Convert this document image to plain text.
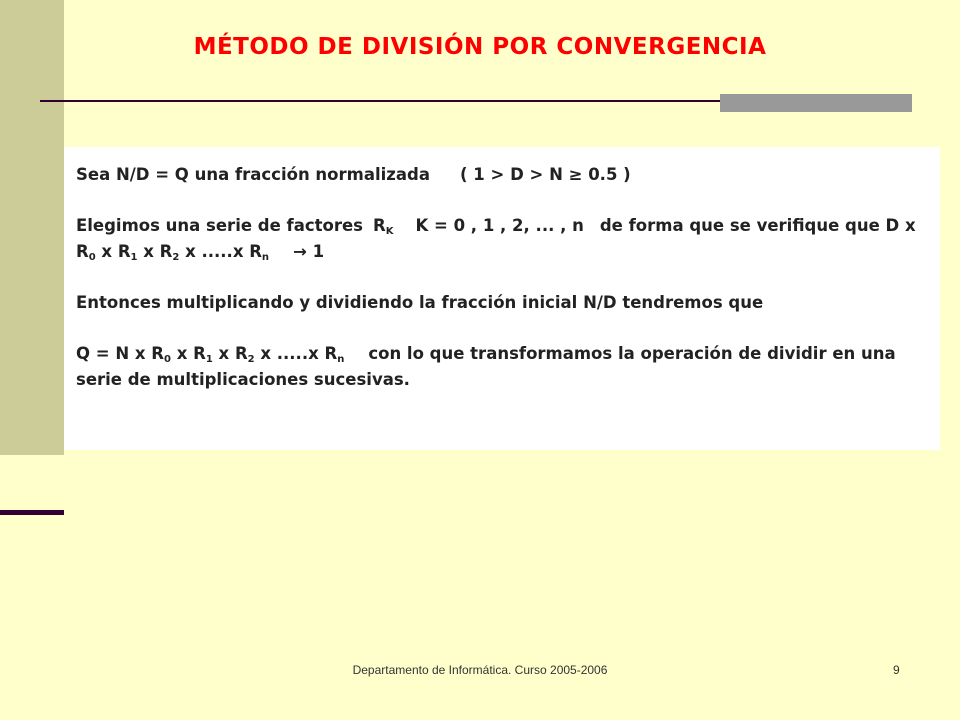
MÉTODO DE DIVISIÓN POR CONVERGENCIA

Sea N/D = Q una fracción normalizada ( 1 > D > N ≥ 0.5 )

Elegimos una serie de factores $R_K$ K = 0 , 1 , 2, ... , n de forma que se verifique que D x
$R_0$ x $R_1$ x $R_2$ x .....x $R_n \to 1$

Entonces multiplicando y dividiendo la fracción inicial N/D tendremos que

Q = N x $R_0$ x $R_1$ x $R_2$ x .....x $R_n$ con lo que transformamos la operación de dividir en una
serie de multiplicaciones sucesivas.

Departamento de Informática. Curso 2005-2006	9
